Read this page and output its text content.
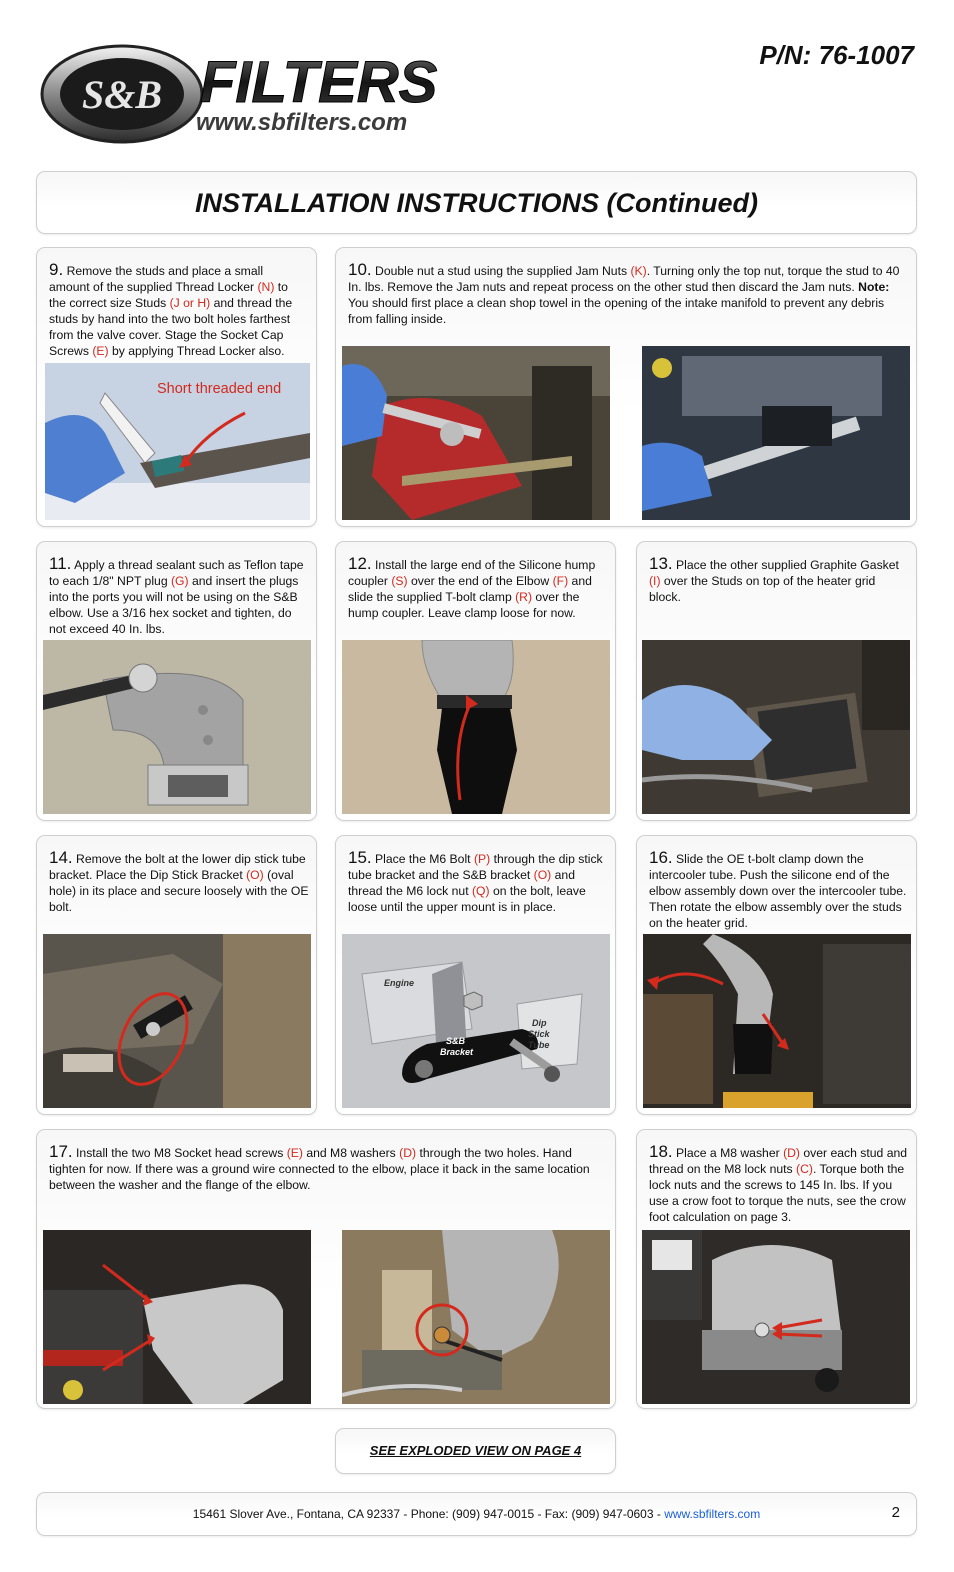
S&B FILTERS
www.sbfilters.com
P/N: 76-1007
INSTALLATION INSTRUCTIONS (Continued)
9. Remove the studs and place a small amount of the supplied Thread Locker (N) to the correct size Studs (J or H) and thread the studs by hand into the two bolt holes farthest from the valve cover. Stage the Socket Cap Screws (E) by applying Thread Locker also.
Short threaded end
10. Double nut a stud using the supplied Jam Nuts (K). Turning only the top nut, torque the stud to 40 In. lbs. Remove the Jam nuts and repeat process on the other stud then discard the Jam nuts. Note: You should first place a clean shop towel in the opening of the intake manifold to prevent any debris from falling inside.
11. Apply a thread sealant such as Teflon tape to each 1/8" NPT plug (G) and insert the plugs into the ports you will not be using on the S&B elbow. Use a 3/16 hex socket and tighten, do not exceed 40 In. lbs.
12. Install the large end of the Silicone hump coupler (S) over the end of the Elbow (F) and slide the supplied T-bolt clamp (R) over the hump coupler. Leave clamp loose for now.
13. Place the other supplied Graphite Gasket (I) over the Studs on top of the heater grid block.
14. Remove the bolt at the lower dip stick tube bracket. Place the Dip Stick Bracket (O) (oval hole) in its place and secure loosely with the OE bolt.
15. Place the M6 Bolt (P) through the dip stick tube bracket and the S&B bracket (O) and thread the M6 lock nut (Q) on the bolt, leave loose until the upper mount is in place.
Engine
S&B
Bracket
Dip
Stick
Tube
16. Slide the OE t-bolt clamp down the intercooler tube. Push the silicone end of the elbow assembly down over the intercooler tube. Then rotate the elbow assembly over the studs on the heater grid.
17. Install the two M8 Socket head screws (E) and M8 washers (D) through the two holes. Hand tighten for now. If there was a ground wire connected to the elbow, place it back in the same location between the washer and the flange of the elbow.
18. Place a M8 washer (D) over each stud and thread on the M8 lock nuts (C). Torque both the lock nuts and the screws to 145 In. lbs. If you use a crow foot to torque the nuts, see the crow foot calculation on page 3.
SEE EXPLODED VIEW ON PAGE 4
15461 Slover Ave., Fontana, CA 92337 - Phone: (909) 947-0015 - Fax: (909) 947-0603 - www.sbfilters.com	2
